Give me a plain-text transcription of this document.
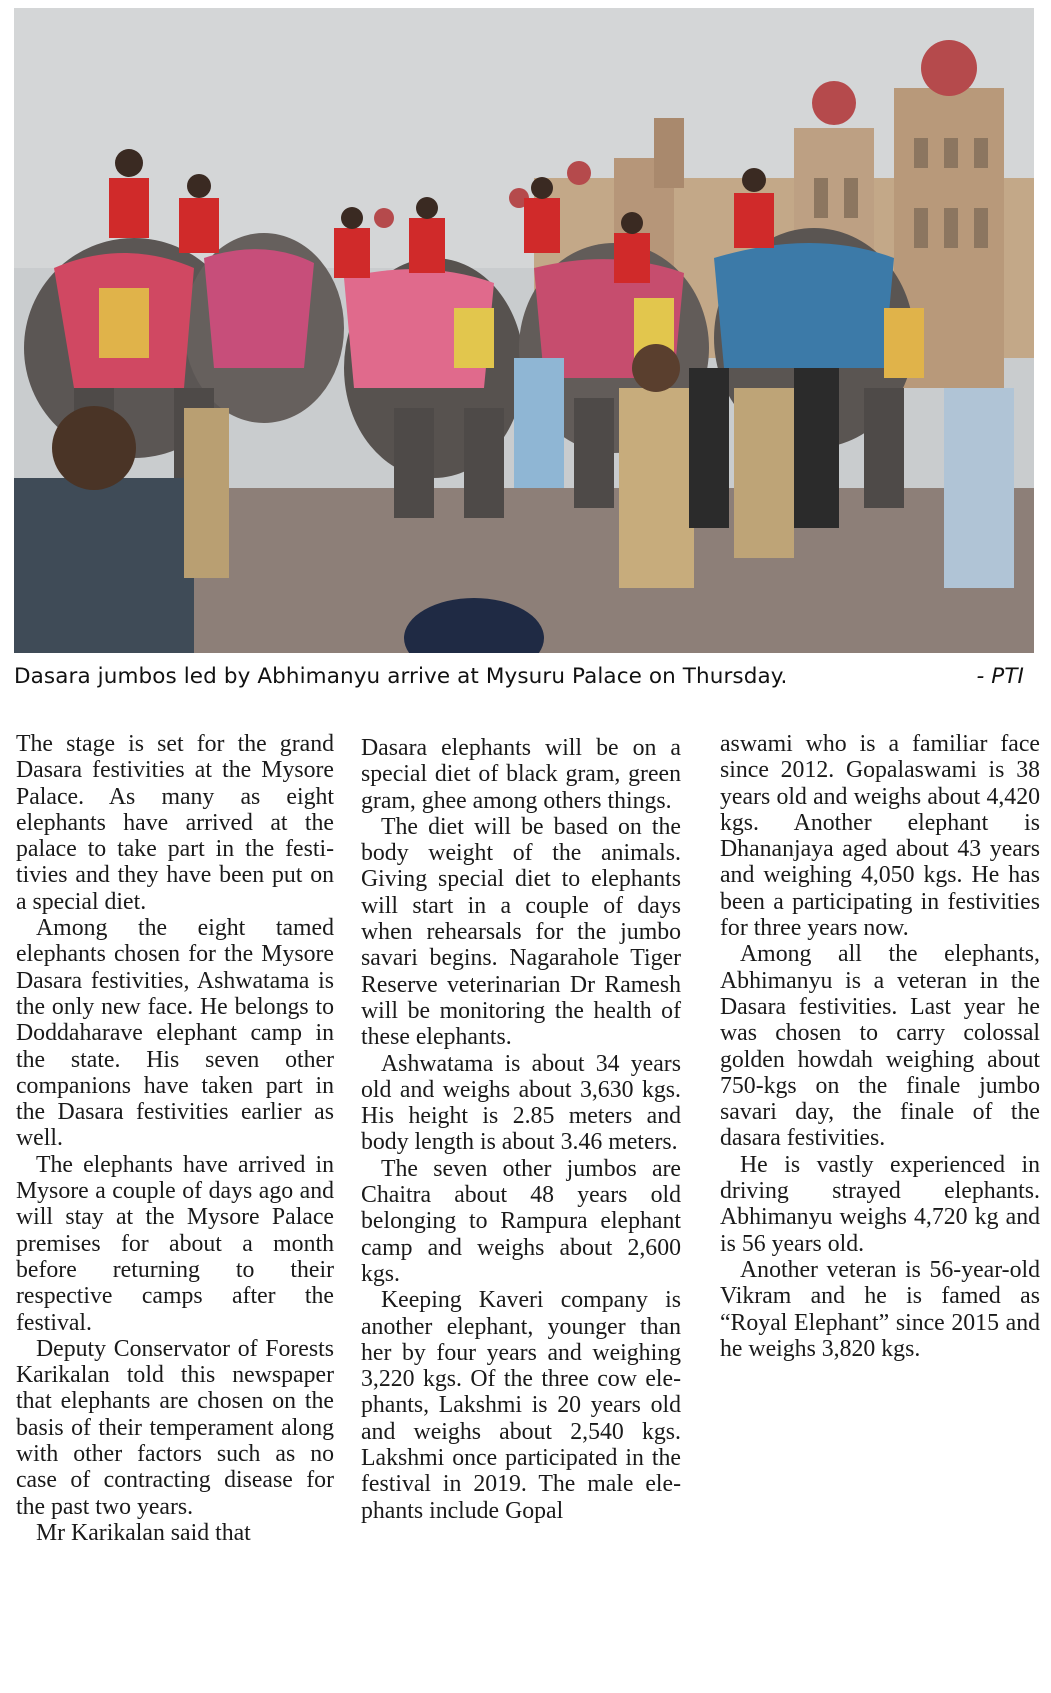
Dasara jumbos led by Abhimanyu arrive at Mysuru Palace on Thursday.	- PTI

The stage is set for the grand Dasara festivities at the Mysore Palace. As many as eight elephants have arrived at the palace to take part in the festitivies and they have been put on a special diet.

Among the eight tamed elephants chosen for the Mysore Dasara festivities, Ashwatama is the only new face. He belongs to Doddaharave elephant camp in the state. His seven other companions have taken part in the Dasara festivities earlier as well.

The elephants have arrived in Mysore a couple of days ago and will stay at the Mysore Palace premises for about a month before returning to their respective camps after the festival.

Deputy Conservator of Forests Karikalan told this newspaper that elephants are chosen on the basis of their temperament along with other factors such as no case of contracting disease for the past two years.

Mr Karikalan said that

Dasara elephants will be on a special diet of black gram, green gram, ghee among others things.

The diet will be based on the body weight of the animals. Giving special diet to elephants will start in a couple of days when rehearsals for the jumbo savari begins. Nagarahole Tiger Reserve veterinarian Dr Ramesh will be monitoring the health of these elephants.

Ashwatama is about 34 years old and weighs about 3,630 kgs. His height is 2.85 meters and body length is about 3.46 meters.

The seven other jumbos are Chaitra about 48 years old belonging to Rampura elephant camp and weighs about 2,600 kgs.

Keeping Kaveri company is another elephant, younger than her by four years and weighing 3,220 kgs. Of the three cow elephants, Lakshmi is 20 years old and weighs about 2,540 kgs. Lakshmi once participated in the festival in 2019. The male elephants include Gopal

aswami who is a familiar face since 2012. Gopalaswami is 38 years old and weighs about 4,420 kgs. Another elephant is Dhananjaya aged about 43 years and weighing 4,050 kgs. He has been a participating in festivities for three years now.

Among all the elephants, Abhimanyu is a veteran in the Dasara festivities. Last year he was chosen to carry colossal golden howdah weighing about 750-kgs on the finale jumbo savari day, the finale of the dasara festivities.

He is vastly experienced in driving strayed elephants. Abhimanyu weighs 4,720 kg and is 56 years old.

Another veteran is 56-year-old Vikram and he is famed as “Royal Elephant” since 2015 and he weighs 3,820 kgs.
